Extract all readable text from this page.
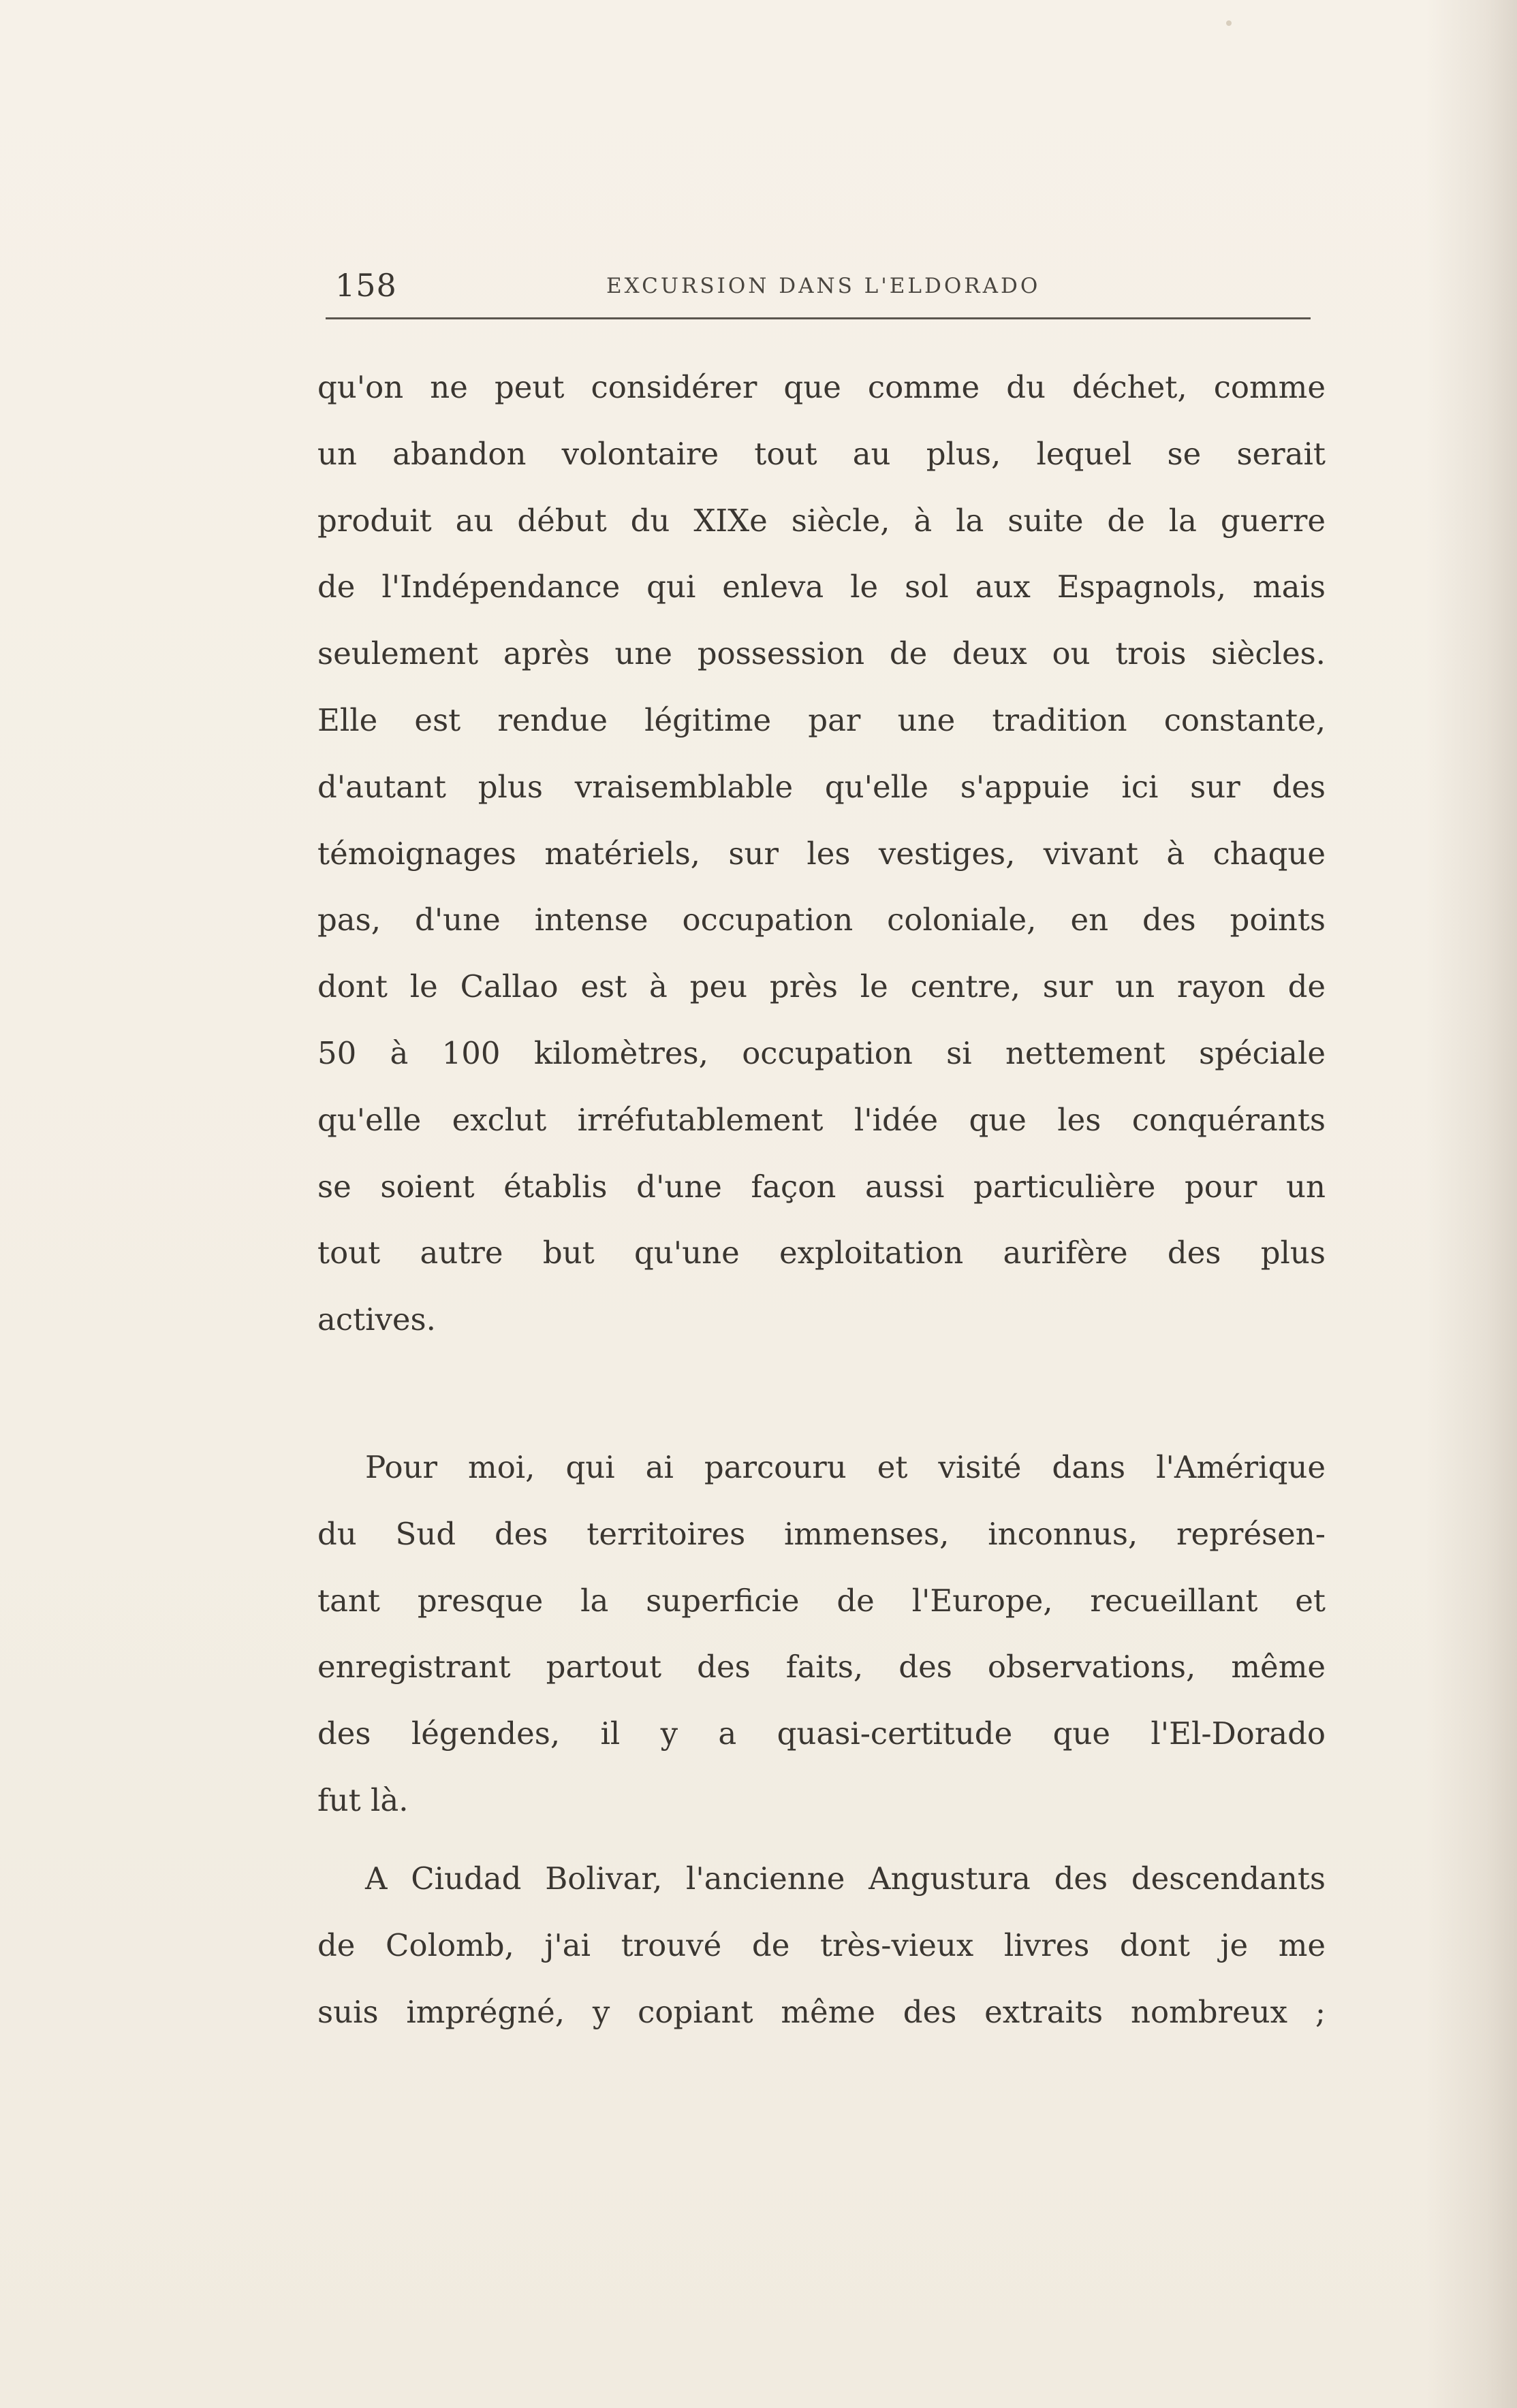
158	EXCURSION DANS L'ELDORADO
qu'on ne peut considérer que comme du déchet, comme
un abandon volontaire tout au plus, lequel se serait
produit au début du XIXe siècle, à la suite de la guerre
de l'Indépendance qui enleva le sol aux Espagnols, mais
seulement après une possession de deux ou trois siècles.
Elle est rendue légitime par une tradition constante,
d'autant plus vraisemblable qu'elle s'appuie ici sur des
témoignages matériels, sur les vestiges, vivant à chaque
pas, d'une intense occupation coloniale, en des points
dont le Callao est à peu près le centre, sur un rayon de
50 à 100 kilomètres, occupation si nettement spéciale
qu'elle exclut irréfutablement l'idée que les conquérants
se soient établis d'une façon aussi particulière pour un
tout autre but qu'une exploitation aurifère des plus
actives.
Pour moi, qui ai parcouru et visité dans l'Amérique
du Sud des territoires immenses, inconnus, représen-
tant presque la superficie de l'Europe, recueillant et
enregistrant partout des faits, des observations, même
des légendes, il y a quasi-certitude que l'El-Dorado
fut là.
A Ciudad Bolivar, l'ancienne Angustura des descendants
de Colomb, j'ai trouvé de très-vieux livres dont je me
suis imprégné, y copiant même des extraits nombreux ;
